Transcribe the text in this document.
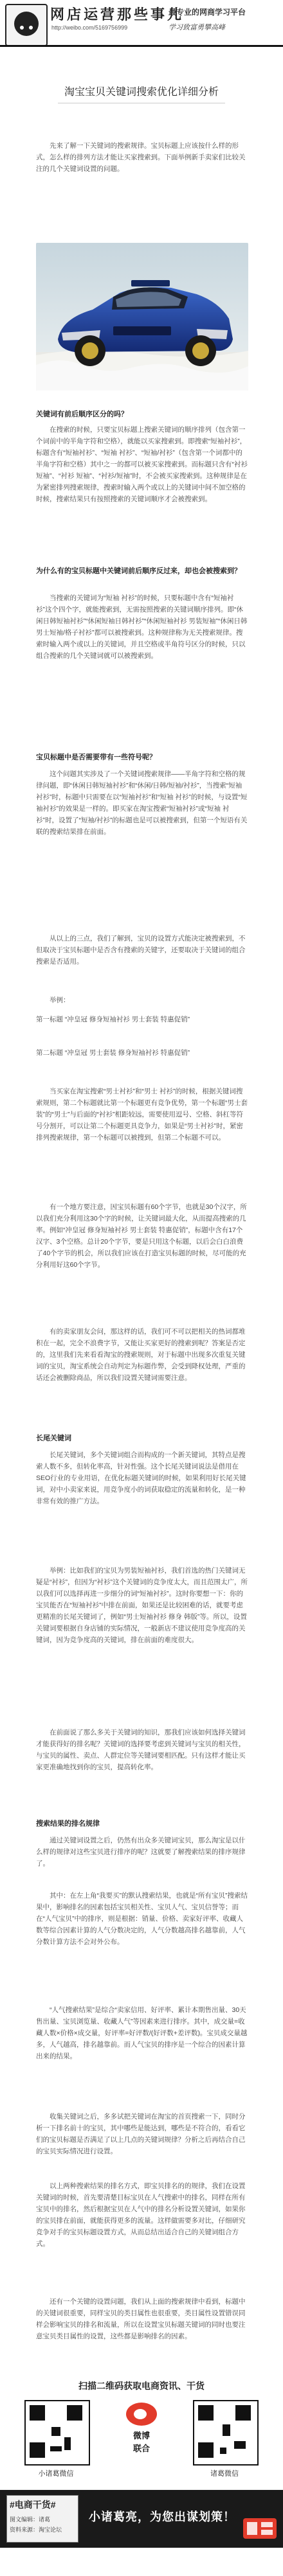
网店运营那些事儿
http://weibo.com/5169756999
最专业的网商学习平台
学习致富勇攀高峰
淘宝宝贝关键词搜索优化详细分析

先来了解一下关键词的搜索规律。宝贝标题上应该按什么样的形式，怎么样的排列方法才能让买家搜索到。下面举例新手卖家们比较关注的几个关键词设置的问题。

关键词有前后顺序区分的吗？

在搜索的时候，只要宝贝标题上搜索关键词的顺序排列（包含第一个词前中的半角字符和空格），就能以买家搜索到。即搜索“短袖衬衫”，标题含有“短袖衬衫”、“短袖 衬衫”、“短袖/衬衫”（包含第一个词都中的半角字符和空格）其中之一的都可以被买家搜索到。而标题只含有“衬衫短袖”、“衬衫 短袖”、“衬衫/短袖”时，不会被买家搜索到。这种规律是在为紧密排列搜索规律，搜索时输入两个或以上的关键词中间不加空格的时候，搜索结果只有按照搜索的关键词顺序才会被搜索到。

为什么有的宝贝标题中关键词前后顺序反过来，却也会被搜索到？

当搜索的关键词为“短袖 衬衫”的时候，只要标题中含有“短袖衬衫”这个四个字，就能搜索到，无需按照搜索的关键词顺序排列。即“休闲日韩短袖衬衫”“休闲短袖日韩衬衫”“休闲短袖衬衫 男装短袖”“休闲日韩男士短袖/格子衬衫”都可以被搜索到。这种规律称为无关搜索规律。搜索时输入两个或以上的关键词，并且空格或半角符号区分的时候，只以组合搜索的几个关键词就可以被搜索到。

宝贝标题中是否需要带有一些符号呢？

这个问题其实涉及了一个关键词搜索规律——半角字符和空格的规律问题，即“休闲日韩短袖衬衫”和“休闲/日韩/短袖/衬衫”，当搜索“短袖衬衫”时，标题中只需要在以“短袖衬衫”和“短袖 衬衫”的时候，与设置“短袖衬衫”的效果是一样的。即买家在淘宝搜索“短袖衬衫”或“短袖 衬衫”时，设置了“短袖/衬衫”的标题也是可以被搜索到，但第一个短语有关联的搜索结果排在前面。

从以上的三点，我们了解到，宝贝的设置方式能决定被搜索到，不但取决于宝贝标题中是否含有搜索的关键字，还要取决于关键词的组合搜索是否适用。

举例：

第一标题 “冲皇冠 修身短袖衬衫 男士套装 特惠促销”

第二标题 “冲皇冠 男士套装 修身短袖衬衫 特惠促销”

当买家在淘宝搜索“男士衬衫”和“男士 衬衫”的时候，根据关键词搜索规则，第二个标题就比第一个标题更有竞争优势，第一个标题“男士套装”的“男士”与后面的“衬衫”相距较远，需要使用逗号、空格、斜杠等符号分割开，可以让第二个标题更具竞争力，如果是“男士衬衫”时，紧密排列搜索规律，第一个标题可以被搜到，但第二个标题不可以。

有一个地方要注意，因宝贝标题有60个字节，也就是30个汉字，所以我们充分利用这30个字的时候，让关键词最大化，从而提高搜索的几率。例如“冲皇冠 修身短袖衬衫 男士套装 特惠促销”，标题中含有17个汉字、3个空格。总计20个字节，要是只用这个标题，以后会白白浪费了40个字节的机会，所以我们应该在打造宝贝标题的时候，尽可能的充分利用好这60个字节。

有的卖家朋友会问，那这样的话，我们可不可以把相关的热词都堆积在一起，完全不浪费字节，又能让买家更好的搜索到呢？答案是否定的，这里我们先来看看淘宝的搜索规则，对于标题中出现多次重复关键词的宝贝，淘宝系统会自动判定为标题作弊，会受到降权处理，严重的话还会被删除商品，所以我们设置关键词需要注意。

长尾关键词

长尾关键词，多个关键词组合而构成的一个新关键词，其特点是搜索人数不多，但转化率高，针对性强。这个长尾关键词说法是借用在SEO行业的专业用语，在优化标题关键词的时候，如果利用好长尾关键词，对中小卖家来说，用竞争度小的词获取稳定的流量和转化，是一种非常有效的推广方法。

举例：比如我们的宝贝为男装短袖衬衫，我们首选的热门关键词无疑是“衬衫”，但因为“衬衫”这个关键词的竞争度太大，而且范围太广，所以我们可以选择再进一步细分的词“短袖衬衫”。这时你要想一下：你的宝贝能否在“短袖衬衫”中排在前面，如果还是比较困难的话，就要考虑更精准的长尾关键词了，例如“男士短袖衬衫 修身 韩版”等。所以，设置关键词要根据自身店铺的实际情况，一般新店不建议使用竞争度高的关键词，因为竞争度高的关键词，排在前面的难度很大。

在前面说了那么多关于关键词的知识，那我们应该如何选择关键词才能获得好的排名呢？关键词的选择要考虑到关键词与宝贝的相关性，与宝贝的属性、卖点、人群定位等关键词要相匹配。只有这样才能让买家更准确地找到你的宝贝，提高转化率。

搜索结果的排名规律

通过关键词设置之后，仍然有出众多关键词宝贝，那么淘宝是以什么样的规律对这些宝贝进行排序的呢？这就要了解搜索结果的排序规律了。

其中：在左上角“我要买”的默认搜索结果，也就是“所有宝贝”搜索结果中，影响排名的因素包括宝贝相关性、宝贝人气、宝贝信誉等；而在“人气宝贝”中的排序，则是根据：销量、价格、卖家好评率、收藏人数等综合因素计算的人气分数决定的，人气分数越高排名越靠前，人气分数计算方法不会对外公布。

“人气搜索结果”是综合“卖家信用、好评率、累计本期售出量、30天售出量、宝贝浏览量、收藏人气”等因素来进行排序。其中，成交量=收藏人数×价格×成交量，好评率=好评数/(好评数+差评数)。宝贝成交量越多，人气越高，排名越靠前。而人气宝贝的排序是一个综合的因素计算出来的结果。

收集关键词之后，多多试把关键词在淘宝的首页搜索一下，同时分析一下排名前十的宝贝，其中哪些是能达到，哪些是不符合的，看看它们的宝贝标题是否满足了以上几点的关键词规律？分析之后再结合自己的宝贝实际情况进行设置。

以上两种搜索结果的排名方式，即宝贝排名的的规律，我们在设置关键词的时候，首先要清楚目标宝贝在人气搜索中的排名，同样在所有宝贝中的排名，然后根据宝贝在人气中的排名分析设置关键词，如果你的宝贝排在前面，就能获得更多的流量。这样做需要多对比，仔细研究竞争对手的宝贝标题设置方式，从而总结出适合自己的关键词组合方式。

还有一个关键的设置问题，我们从上面的搜索规律中看到，标题中的关键词很重要，同样宝贝的类目属性也很重要，类目属性设置错误同样会影响宝贝的排名和流量，所以在设置宝贝标题关键词的同时也要注意宝贝类目属性的设置，这些都是影响排名的因素。

扫描二维码获取电商资讯、干货
小诸葛微信
微博
联合
诸葛微信
#电商干货#
图文编辑：诸葛
资料来源：淘宝论坛
小诸葛亮，为您出谋划策！
